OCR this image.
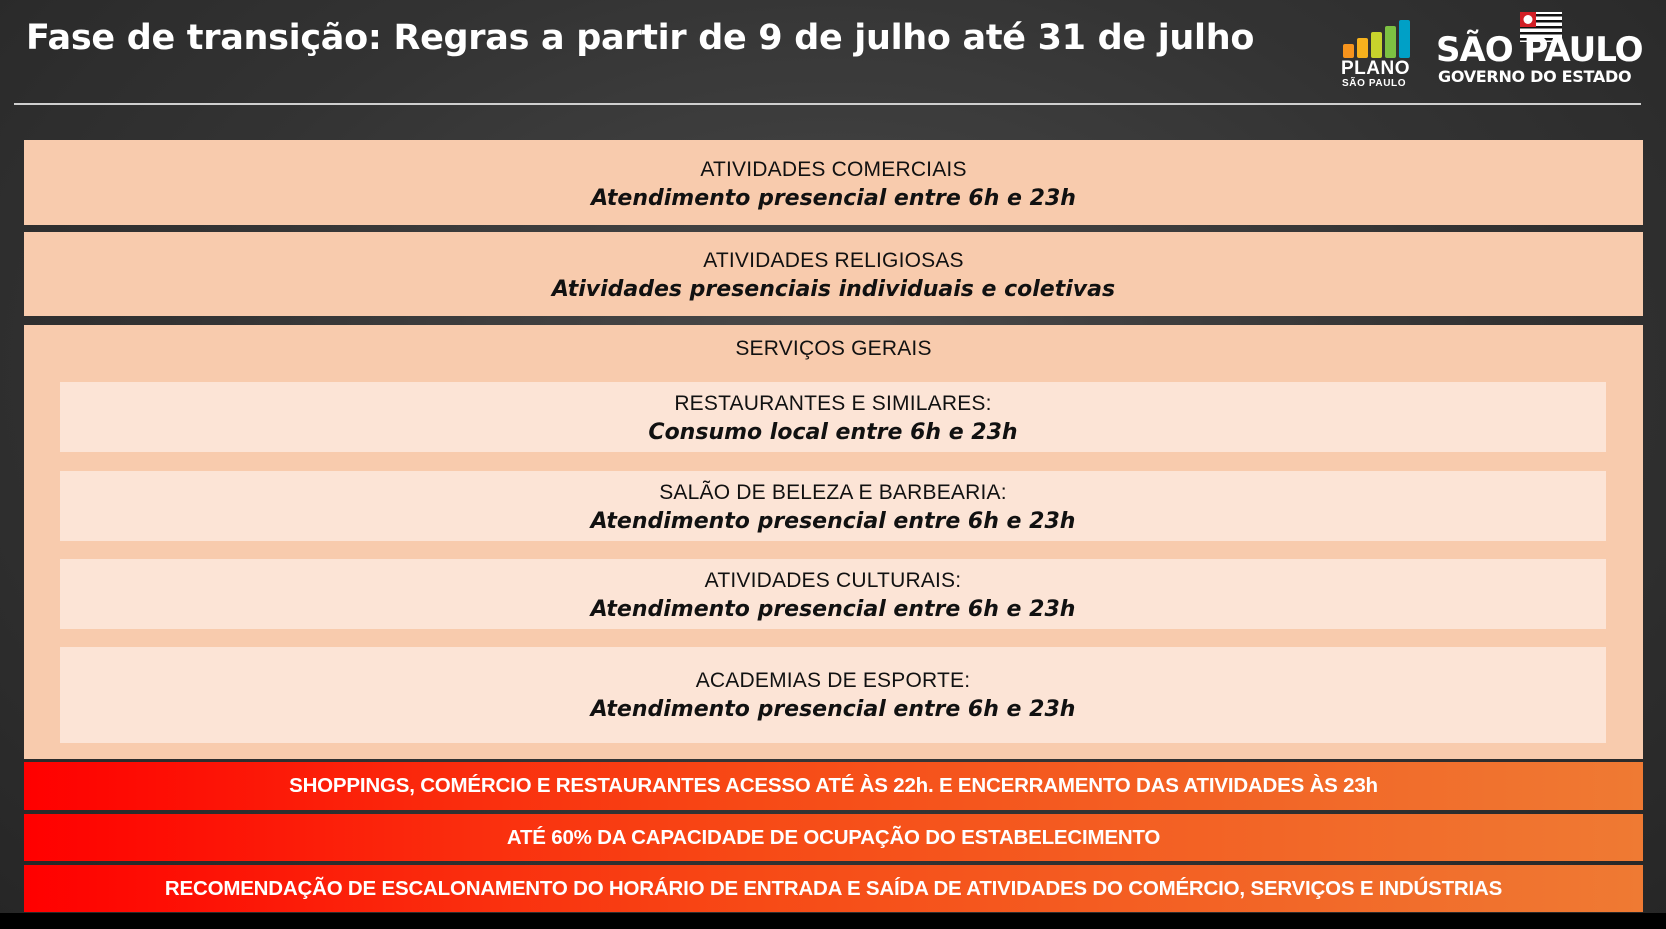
Fase de transição: Regras a partir de 9 de julho até 31 de julho
PLANO
SÃO PAULO
SÃO PAULO
GOVERNO DO ESTADO
ATIVIDADES COMERCIAIS
Atendimento presencial entre 6h e 23h
ATIVIDADES RELIGIOSAS
Atividades presenciais individuais e coletivas
SERVIÇOS GERAIS
RESTAURANTES E SIMILARES:
Consumo local entre 6h e 23h
SALÃO DE BELEZA E BARBEARIA:
Atendimento presencial entre 6h e 23h
ATIVIDADES CULTURAIS:
Atendimento presencial entre 6h e 23h
ACADEMIAS DE ESPORTE:
Atendimento presencial entre 6h e 23h
SHOPPINGS, COMÉRCIO E RESTAURANTES ACESSO ATÉ ÀS 22h. E ENCERRAMENTO DAS ATIVIDADES ÀS 23h
ATÉ 60% DA CAPACIDADE DE OCUPAÇÃO DO ESTABELECIMENTO
RECOMENDAÇÃO DE ESCALONAMENTO DO HORÁRIO DE ENTRADA E SAÍDA DE ATIVIDADES DO COMÉRCIO, SERVIÇOS E INDÚSTRIAS
